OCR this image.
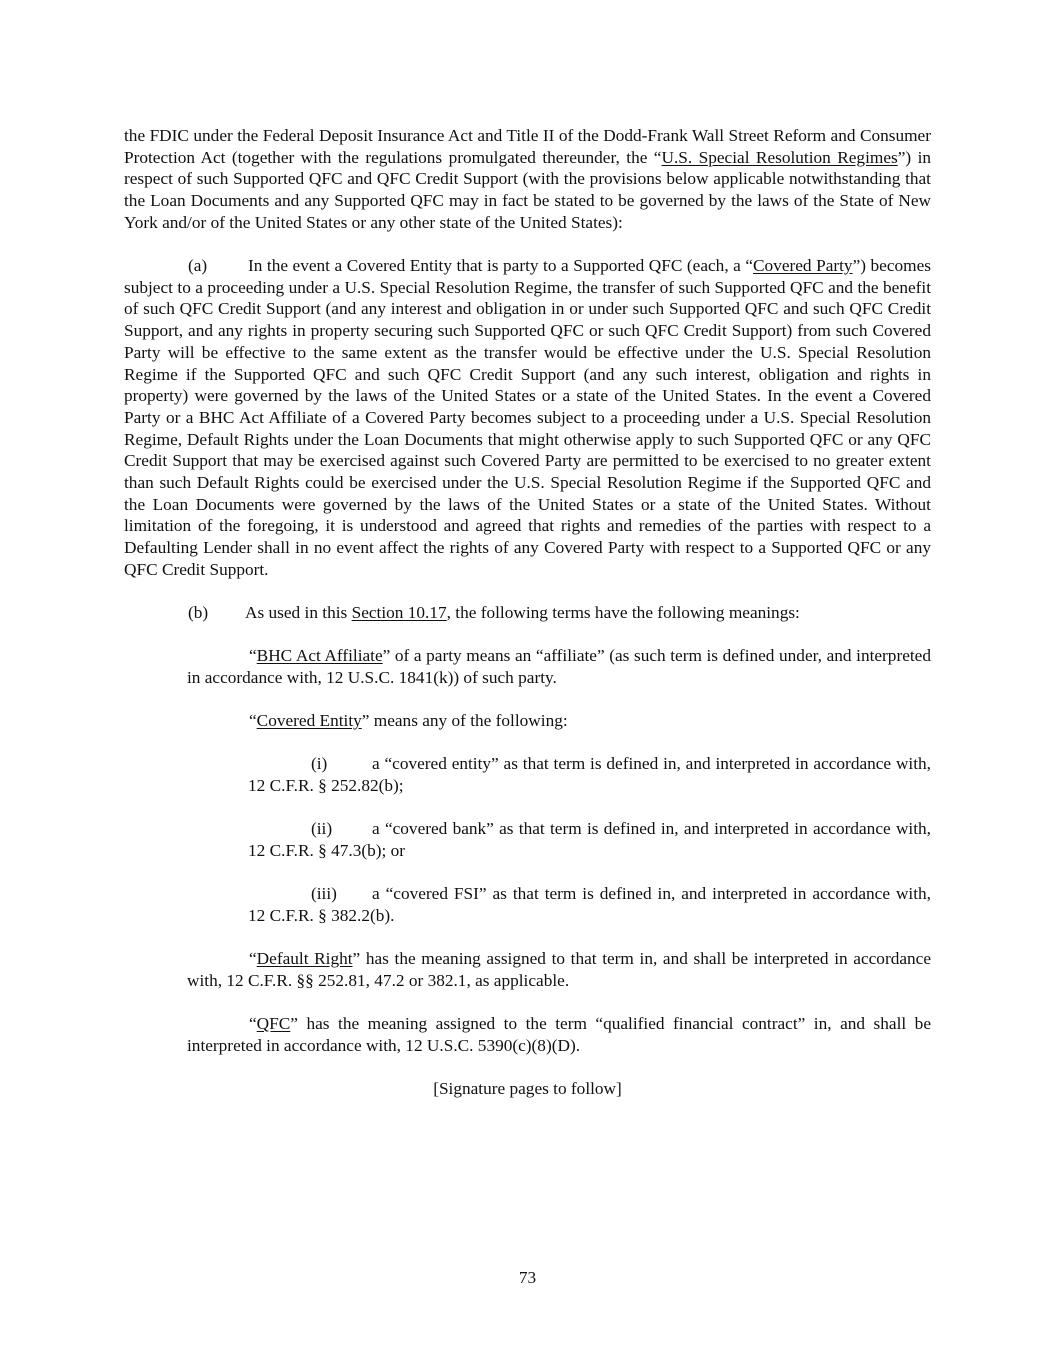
the FDIC under the Federal Deposit Insurance Act and Title II of the Dodd-Frank Wall Street Reform and Consumer Protection Act (together with the regulations promulgated thereunder, the “U.S. Special Resolution Regimes”) in respect of such Supported QFC and QFC Credit Support (with the provisions below applicable notwithstanding that the Loan Documents and any Supported QFC may in fact be stated to be governed by the laws of the State of New York and/or of the United States or any other state of the United States):

(a) In the event a Covered Entity that is party to a Supported QFC (each, a “Covered Party”) becomes subject to a proceeding under a U.S. Special Resolution Regime, the transfer of such Supported QFC and the benefit of such QFC Credit Support (and any interest and obligation in or under such Supported QFC and such QFC Credit Support, and any rights in property securing such Supported QFC or such QFC Credit Support) from such Covered Party will be effective to the same extent as the transfer would be effective under the U.S. Special Resolution Regime if the Supported QFC and such QFC Credit Support (and any such interest, obligation and rights in property) were governed by the laws of the United States or a state of the United States. In the event a Covered Party or a BHC Act Affiliate of a Covered Party becomes subject to a proceeding under a U.S. Special Resolution Regime, Default Rights under the Loan Documents that might otherwise apply to such Supported QFC or any QFC Credit Support that may be exercised against such Covered Party are permitted to be exercised to no greater extent than such Default Rights could be exercised under the U.S. Special Resolution Regime if the Supported QFC and the Loan Documents were governed by the laws of the United States or a state of the United States. Without limitation of the foregoing, it is understood and agreed that rights and remedies of the parties with respect to a Defaulting Lender shall in no event affect the rights of any Covered Party with respect to a Supported QFC or any QFC Credit Support.

(b) As used in this Section 10.17, the following terms have the following meanings:

“BHC Act Affiliate” of a party means an “affiliate” (as such term is defined under, and interpreted in accordance with, 12 U.S.C. 1841(k)) of such party.

“Covered Entity” means any of the following:

(i)	a “covered entity” as that term is defined in, and interpreted in accordance with, 12 C.F.R. § 252.82(b);

(ii) a “covered bank” as that term is defined in, and interpreted in accordance with, 12 C.F.R. § 47.3(b); or

(iii) a “covered FSI” as that term is defined in, and interpreted in accordance with, 12 C.F.R. § 382.2(b).

“Default Right” has the meaning assigned to that term in, and shall be interpreted in accordance with, 12 C.F.R. §§ 252.81, 47.2 or 382.1, as applicable.

“QFC” has the meaning assigned to the term “qualified financial contract” in, and shall be interpreted in accordance with, 12 U.S.C. 5390(c)(8)(D).

[Signature pages to follow]

73
